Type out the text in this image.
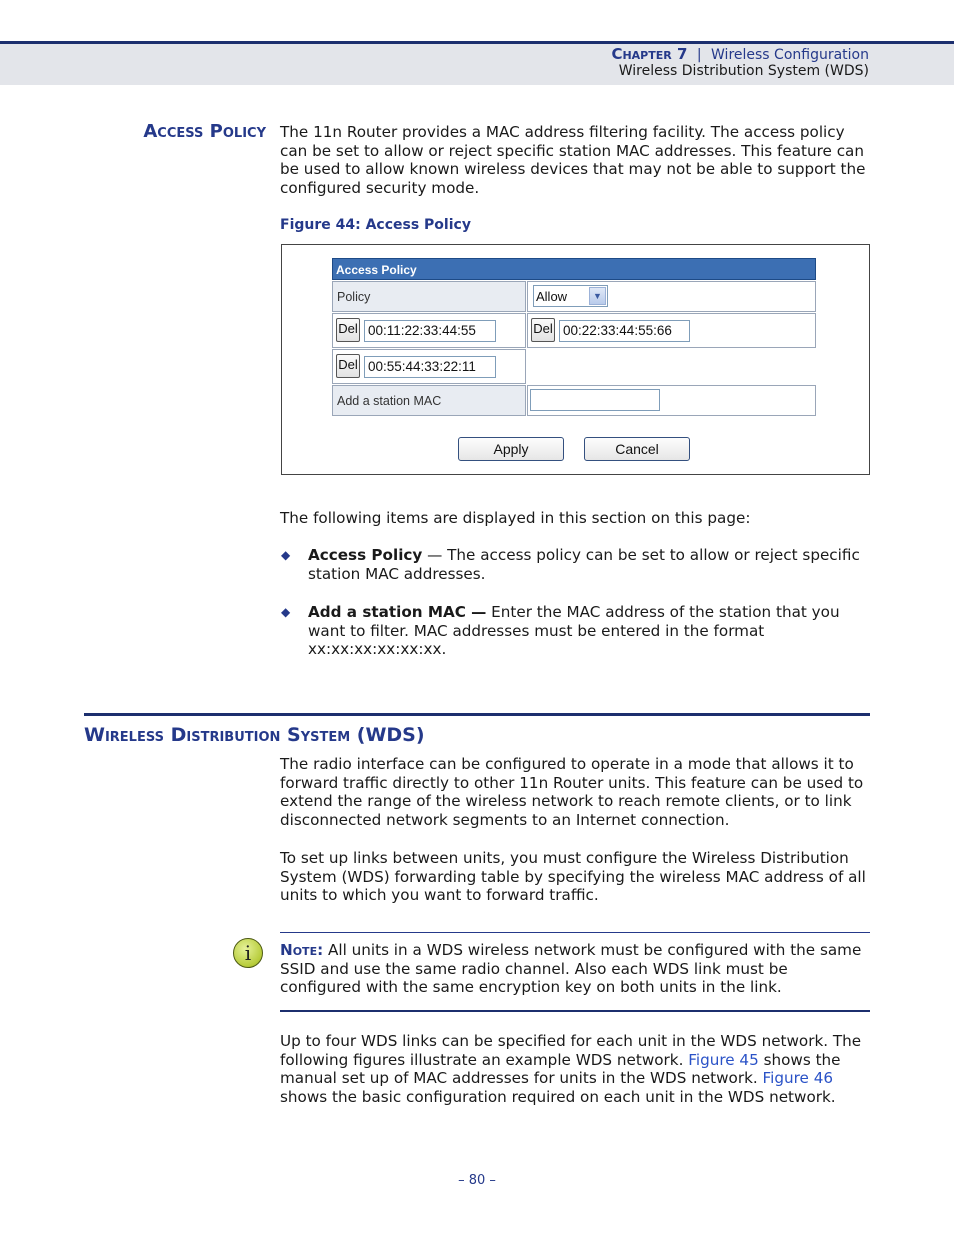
Chapter 7 | Wireless Configuration
Wireless Distribution System (WDS)
Access Policy The 11n Router provides a MAC address filtering facility. The access policy can be set to allow or reject specific station MAC addresses. This feature can be used to allow known wireless devices that may not be able to support the configured security mode.
Figure 44: Access Policy
Access Policy
Policy	Allow	▼
Del 00:11:22:33:44:55	Del 00:22:33:44:55:66
Del 00:55:44:33:22:11
Add a station MAC
Apply	Cancel
The following items are displayed in this section on this page:
◆ Access Policy — The access policy can be set to allow or reject specific station MAC addresses.
◆ Add a station MAC — Enter the MAC address of the station that you want to filter. MAC addresses must be entered in the format xx:xx:xx:xx:xx:xx.
Wireless Distribution System (WDS)
The radio interface can be configured to operate in a mode that allows it to forward traffic directly to other 11n Router units. This feature can be used to extend the range of the wireless network to reach remote clients, or to link disconnected network segments to an Internet connection.
To set up links between units, you must configure the Wireless Distribution System (WDS) forwarding table by specifying the wireless MAC address of all units to which you want to forward traffic.
i	Note: All units in a WDS wireless network must be configured with the same SSID and use the same radio channel. Also each WDS link must be configured with the same encryption key on both units in the link.
Up to four WDS links can be specified for each unit in the WDS network. The following figures illustrate an example WDS network. Figure 45 shows the manual set up of MAC addresses for units in the WDS network. Figure 46 shows the basic configuration required on each unit in the WDS network.
– 80 –
